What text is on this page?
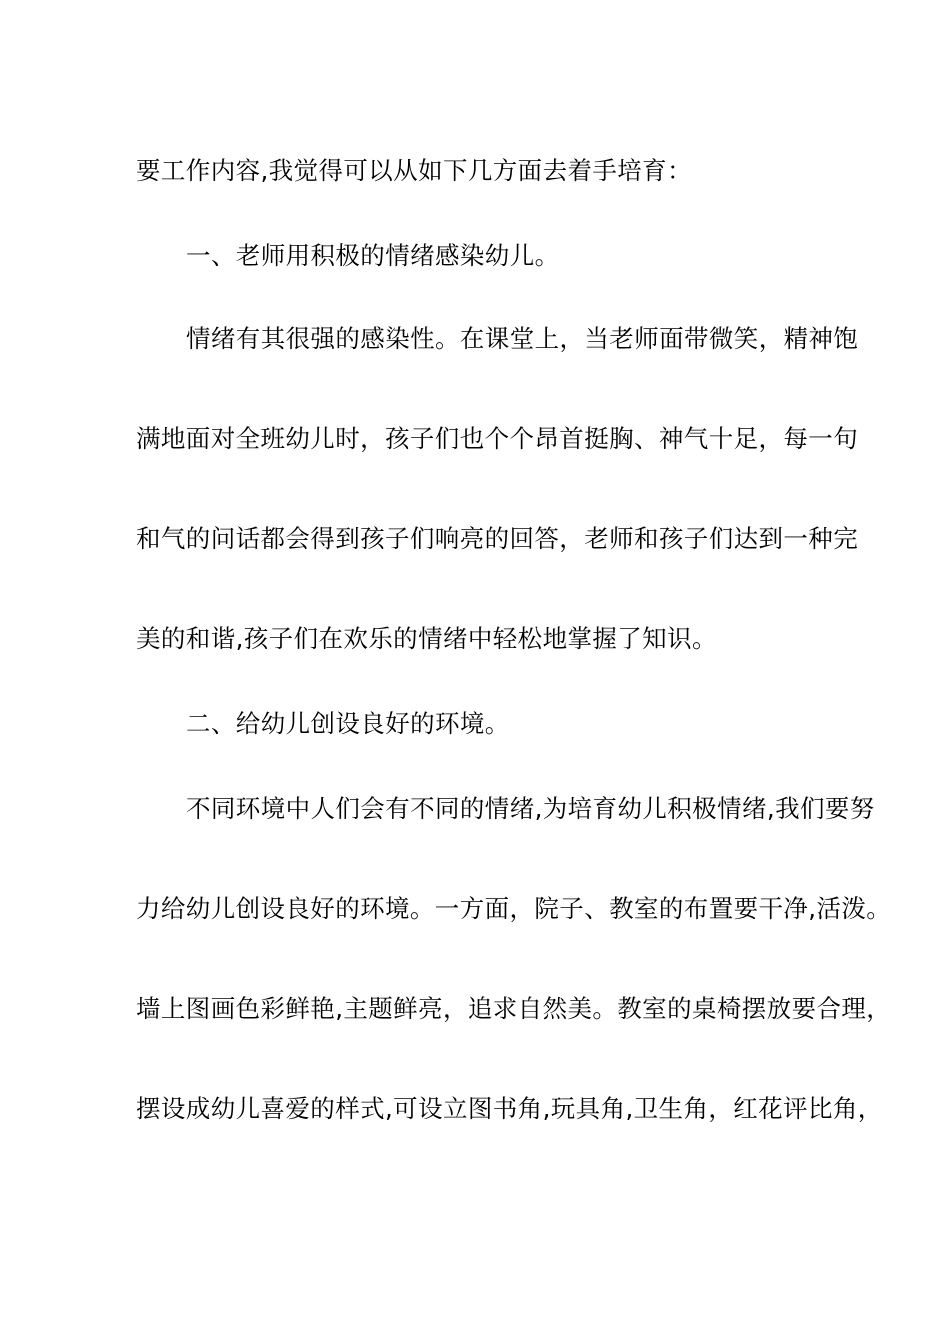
要工作内容,我觉得可以从如下几方面去着手培育：
一、老师用积极的情绪感染幼儿。
情绪有其很强的感染性。在课堂上，当老师面带微笑，精神饱
满地面对全班幼儿时，孩子们也个个昂首挺胸、神气十足，每一句
和气的问话都会得到孩子们响亮的回答，老师和孩子们达到一种完
美的和谐,孩子们在欢乐的情绪中轻松地掌握了知识。
二、给幼儿创设良好的环境。
不同环境中人们会有不同的情绪,为培育幼儿积极情绪,我们要努
力给幼儿创设良好的环境。一方面，院子、教室的布置要干净,活泼。
墙上图画色彩鲜艳,主题鲜亮，追求自然美。教室的桌椅摆放要合理，
摆设成幼儿喜爱的样式,可设立图书角,玩具角,卫生角，红花评比角，
